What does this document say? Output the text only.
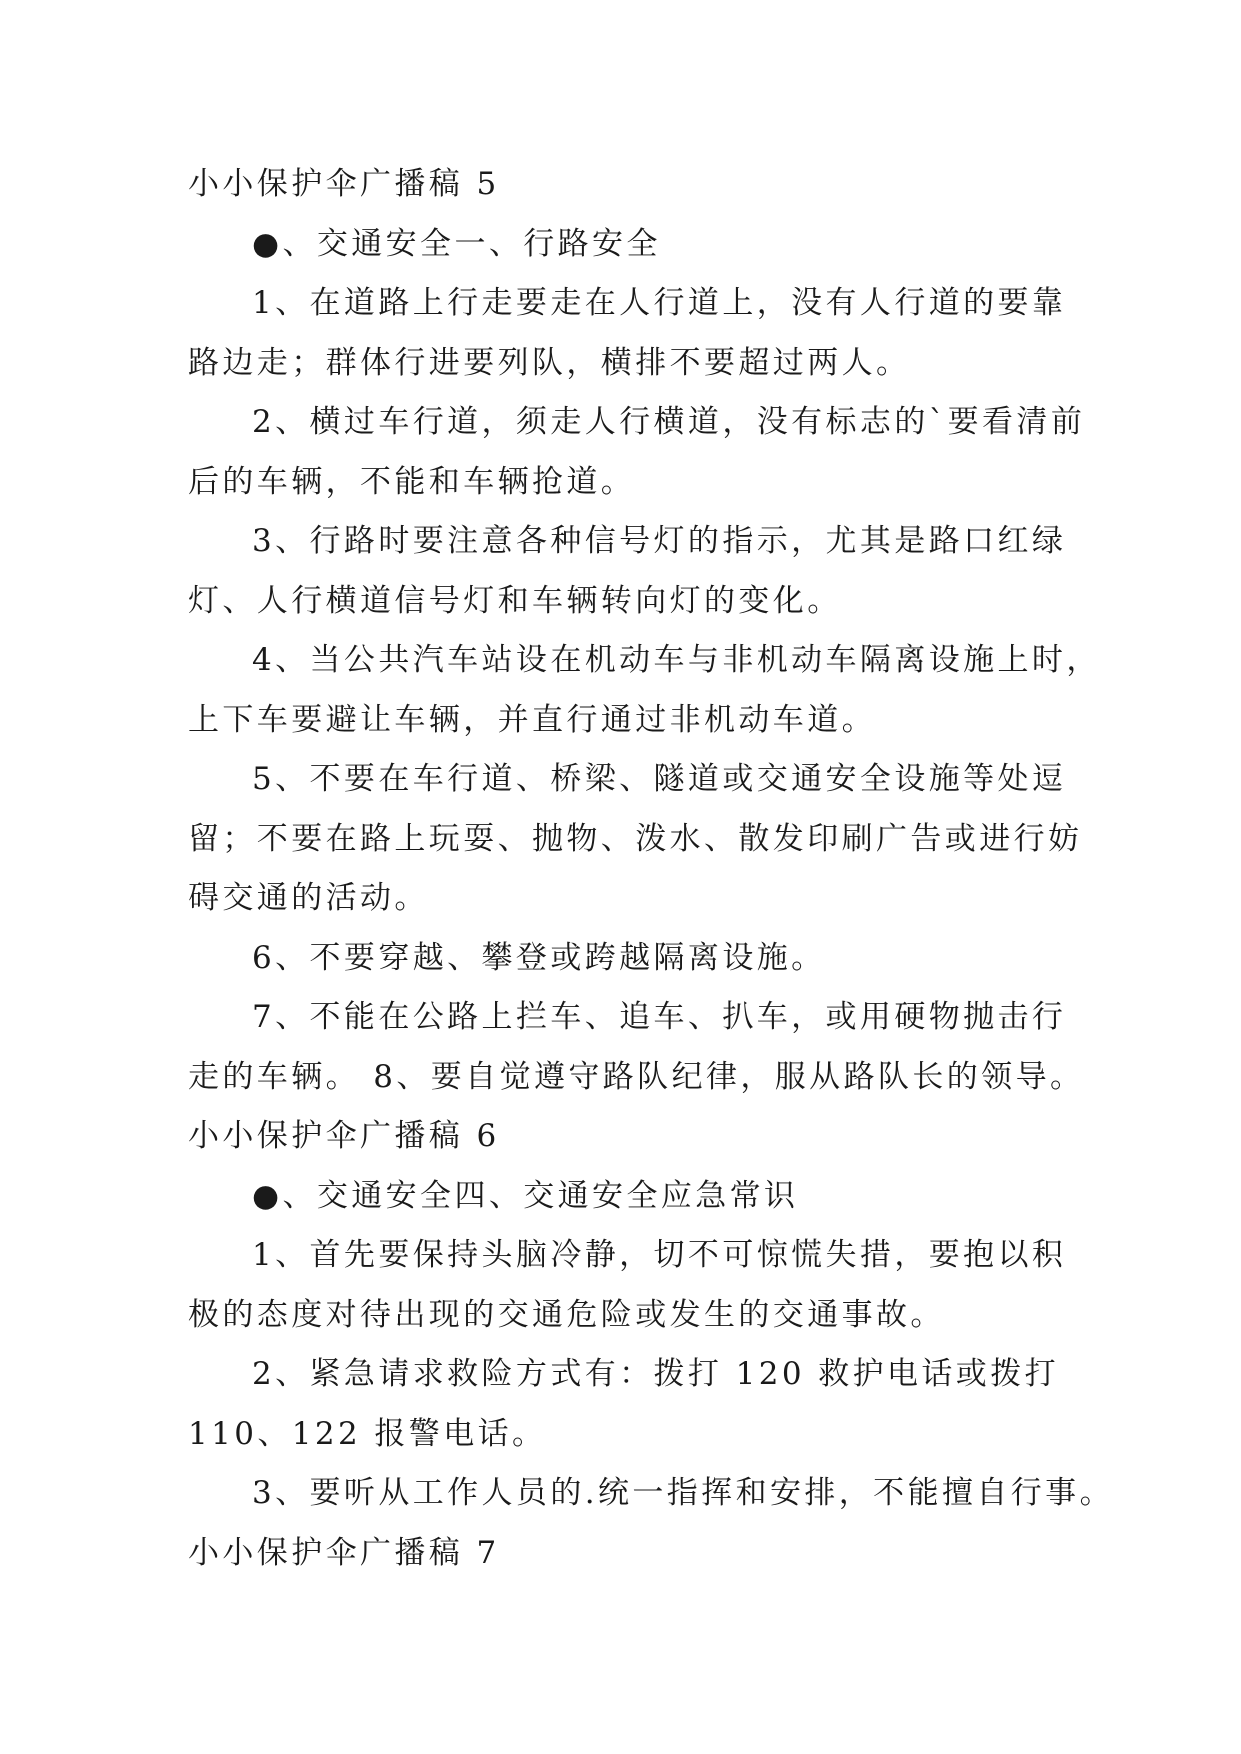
小小保护伞广播稿 5
●、交通安全一、行路安全
1、在道路上行走要走在人行道上，没有人行道的要靠
路边走；群体行进要列队，横排不要超过两人。
2、横过车行道，须走人行横道，没有标志的`要看清前
后的车辆，不能和车辆抢道。
3、行路时要注意各种信号灯的指示，尤其是路口红绿
灯、人行横道信号灯和车辆转向灯的变化。
4、当公共汽车站设在机动车与非机动车隔离设施上时，
上下车要避让车辆，并直行通过非机动车道。
5、不要在车行道、桥梁、隧道或交通安全设施等处逗
留；不要在路上玩耍、抛物、泼水、散发印刷广告或进行妨
碍交通的活动。
6、不要穿越、攀登或跨越隔离设施。
7、不能在公路上拦车、追车、扒车，或用硬物抛击行
走的车辆。 8、要自觉遵守路队纪律，服从路队长的领导。
小小保护伞广播稿 6
●、交通安全四、交通安全应急常识
1、首先要保持头脑冷静，切不可惊慌失措，要抱以积
极的态度对待出现的交通危险或发生的交通事故。
2、紧急请求救险方式有：拨打 120 救护电话或拨打
110、122 报警电话。
3、要听从工作人员的.统一指挥和安排，不能擅自行事。
小小保护伞广播稿 7
